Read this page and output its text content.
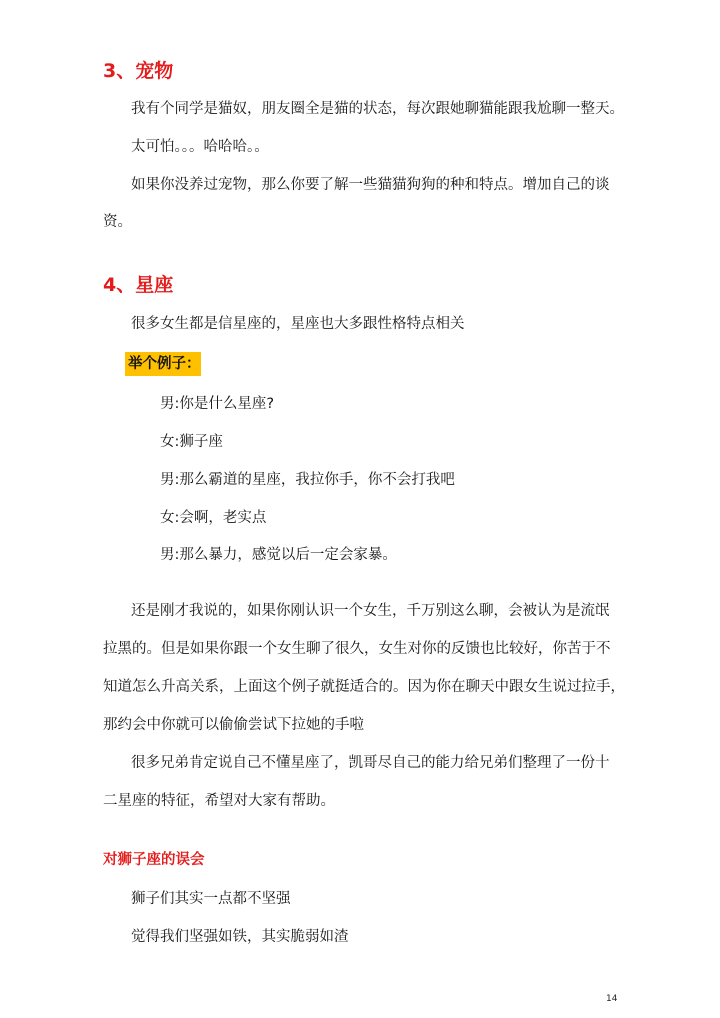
3、宠物
我有个同学是猫奴，朋友圈全是猫的状态，每次跟她聊猫能跟我尬聊一整天。
太可怕。。。哈哈哈。。
如果你没养过宠物，那么你要了解一些猫猫狗狗的种和特点。增加自己的谈
资。
4、星座
很多女生都是信星座的，星座也大多跟性格特点相关
举个例子：
男:你是什么星座?
女:狮子座
男:那么霸道的星座，我拉你手，你不会打我吧
女:会啊，老实点
男:那么暴力，感觉以后一定会家暴。
还是刚才我说的，如果你刚认识一个女生，千万别这么聊，会被认为是流氓
拉黑的。但是如果你跟一个女生聊了很久，女生对你的反馈也比较好，你苦于不
知道怎么升高关系，上面这个例子就挺适合的。因为你在聊天中跟女生说过拉手，
那约会中你就可以偷偷尝试下拉她的手啦
很多兄弟肯定说自己不懂星座了，凯哥尽自己的能力给兄弟们整理了一份十
二星座的特征，希望对大家有帮助。
对狮子座的误会
狮子们其实一点都不坚强
觉得我们坚强如铁，其实脆弱如渣
14
